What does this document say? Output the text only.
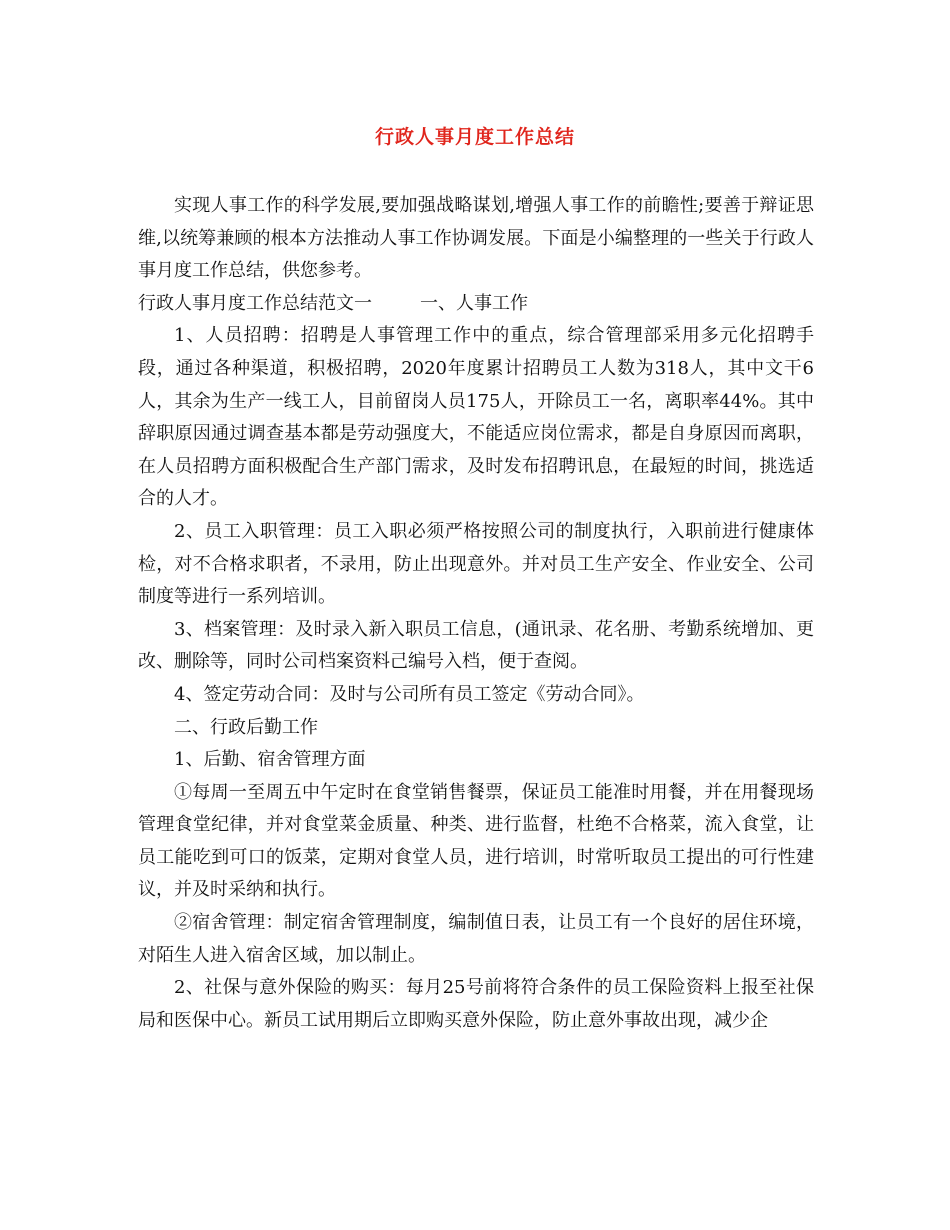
行政人事月度工作总结

实现人事工作的科学发展,要加强战略谋划,增强人事工作的前瞻性;要善于辩证思维,以统筹兼顾的根本方法推动人事工作协调发展。下面是小编整理的一些关于行政人事月度工作总结，供您参考。

行政人事月度工作总结范文一	一、人事工作

1、人员招聘：招聘是人事管理工作中的重点，综合管理部采用多元化招聘手段，通过各种渠道，积极招聘，2020年度累计招聘员工人数为318人，其中文干6人，其余为生产一线工人，目前留岗人员175人，开除员工一名，离职率44%。其中辞职原因通过调查基本都是劳动强度大，不能适应岗位需求，都是自身原因而离职，在人员招聘方面积极配合生产部门需求，及时发布招聘讯息，在最短的时间，挑选适合的人才。

2、员工入职管理：员工入职必须严格按照公司的制度执行，入职前进行健康体检，对不合格求职者，不录用，防止出现意外。并对员工生产安全、作业安全、公司制度等进行一系列培训。

3、档案管理：及时录入新入职员工信息，(通讯录、花名册、考勤系统增加、更改、删除等，同时公司档案资料己编号入档，便于查阅。

4、签定劳动合同：及时与公司所有员工签定《劳动合同》。

二、行政后勤工作

1、后勤、宿舍管理方面

①每周一至周五中午定时在食堂销售餐票，保证员工能准时用餐，并在用餐现场管理食堂纪律，并对食堂菜金质量、种类、进行监督，杜绝不合格菜，流入食堂，让员工能吃到可口的饭菜，定期对食堂人员，进行培训，时常听取员工提出的可行性建议，并及时采纳和执行。

②宿舍管理：制定宿舍管理制度，编制值日表，让员工有一个良好的居住环境，对陌生人进入宿舍区域，加以制止。

2、社保与意外保险的购买：每月25号前将符合条件的员工保险资料上报至社保局和医保中心。新员工试用期后立即购买意外保险，防止意外事故出现，减少企
